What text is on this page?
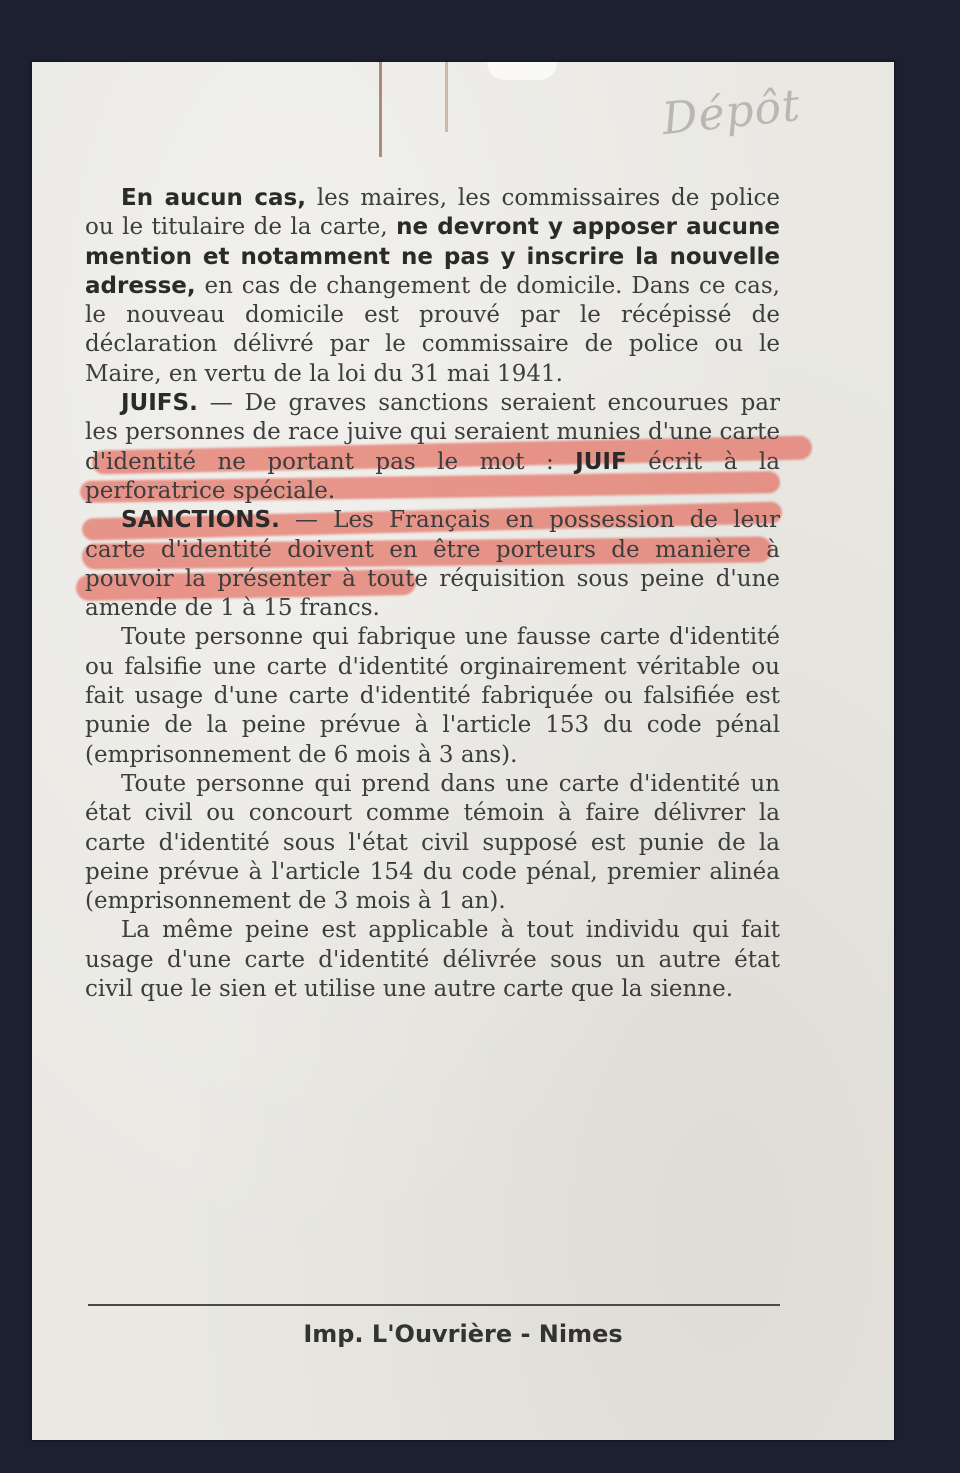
Dépôt

En aucun cas, les maires, les commissaires de police ou le titulaire de la carte, ne devront y apposer aucune mention et notamment ne pas y inscrire la nouvelle adresse, en cas de changement de domicile. Dans ce cas, le nouveau domicile est prouvé par le récépissé de déclaration délivré par le commissaire de police ou le Maire, en vertu de la loi du 31 mai 1941.

JUIFS. — De graves sanctions seraient encourues par les personnes de race juive qui seraient munies d'une carte d'identité ne portant pas le mot : JUIF écrit à la perforatrice spéciale.

SANCTIONS. — Les Français en possession de leur carte d'identité doivent en être porteurs de manière à pouvoir la présenter à toute réquisition sous peine d'une amende de 1 à 15 francs.

Toute personne qui fabrique une fausse carte d'identité ou falsifie une carte d'identité orginairement véritable ou fait usage d'une carte d'identité fabriquée ou falsifiée est punie de la peine prévue à l'article 153 du code pénal (emprisonnement de 6 mois à 3 ans).

Toute personne qui prend dans une carte d'identité un état civil ou concourt comme témoin à faire délivrer la carte d'identité sous l'état civil supposé est punie de la peine prévue à l'article 154 du code pénal, premier alinéa (emprisonnement de 3 mois à 1 an).

La même peine est applicable à tout individu qui fait usage d'une carte d'identité délivrée sous un autre état civil que le sien et utilise une autre carte que la sienne.

Imp. L'Ouvrière - Nimes
